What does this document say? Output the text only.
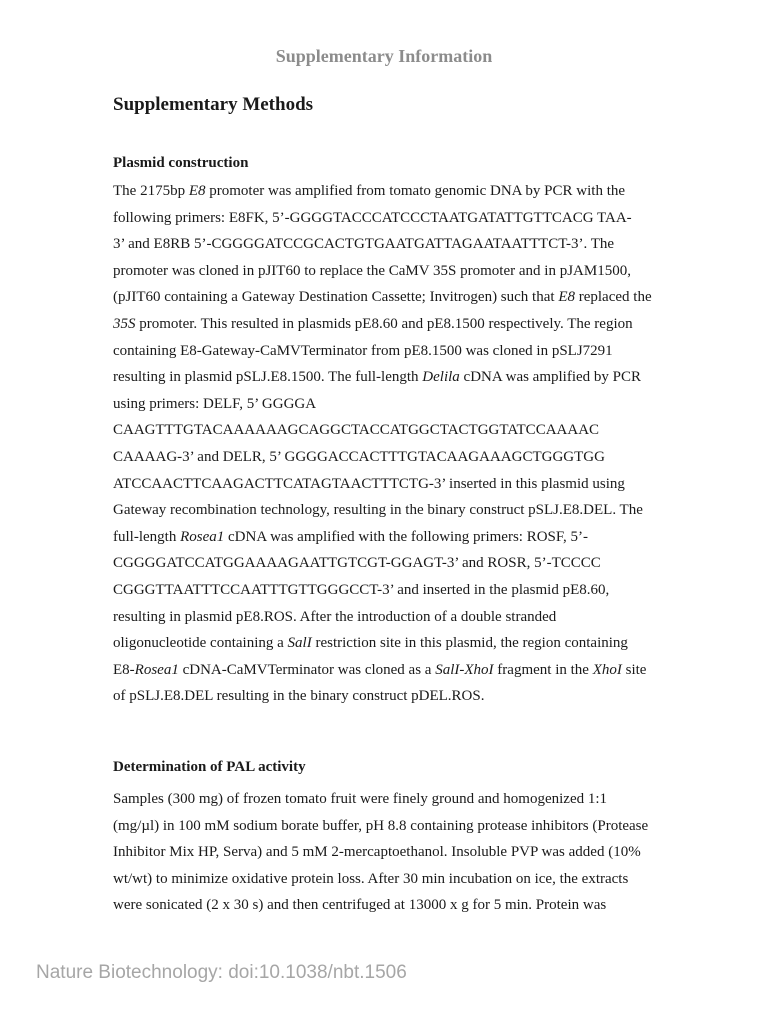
Supplementary Information
Supplementary Methods
Plasmid construction
The 2175bp E8 promoter was amplified from tomato genomic DNA by PCR with the
following primers: E8FK, 5’-GGGGTACCCATCCCTAATGATATTGTTCACG TAA-
3’ and E8RB 5’-CGGGGATCCGCACTGTGAATGATTAGAATAATTTCT-3’. The
promoter was cloned in pJIT60 to replace the CaMV 35S promoter and in pJAM1500,
(pJIT60 containing a Gateway Destination Cassette; Invitrogen) such that E8 replaced the
35S promoter. This resulted in plasmids pE8.60 and pE8.1500 respectively. The region
containing E8-Gateway-CaMVTerminator from pE8.1500 was cloned in pSLJ7291
resulting in plasmid pSLJ.E8.1500. The full-length Delila cDNA was amplified by PCR
using primers: DELF, 5’ GGGGA
CAAGTTTGTACAAAAAAGCAGGCTACCATGGCTACTGGTATCCAAAAC
CAAAAG-3’ and DELR, 5’ GGGGACCACTTTGTACAAGAAAGCTGGGTGG
ATCCAACTTCAAGACTTCATAGTAACTTTCTG-3’ inserted in this plasmid using
Gateway recombination technology, resulting in the binary construct pSLJ.E8.DEL. The
full-length Rosea1 cDNA was amplified with the following primers: ROSF, 5’-
CGGGGATCCATGGAAAAGAATTGTCGT-GGAGT-3’ and ROSR, 5’-TCCCC
CGGGTTAATTTCCAATTTGTTGGGCCT-3’ and inserted in the plasmid pE8.60,
resulting in plasmid pE8.ROS. After the introduction of a double stranded
oligonucleotide containing a SalI restriction site in this plasmid, the region containing
E8-Rosea1 cDNA-CaMVTerminator was cloned as a SalI-XhoI fragment in the XhoI site
of pSLJ.E8.DEL resulting in the binary construct pDEL.ROS.
Determination of PAL activity
Samples (300 mg) of frozen tomato fruit were finely ground and homogenized 1:1
(mg/µl) in 100 mM sodium borate buffer, pH 8.8 containing protease inhibitors (Protease
Inhibitor Mix HP, Serva) and 5 mM 2-mercaptoethanol. Insoluble PVP was added (10%
wt/wt) to minimize oxidative protein loss. After 30 min incubation on ice, the extracts
were sonicated (2 x 30 s) and then centrifuged at 13000 x g for 5 min. Protein was
Nature Biotechnology: doi:10.1038/nbt.1506
